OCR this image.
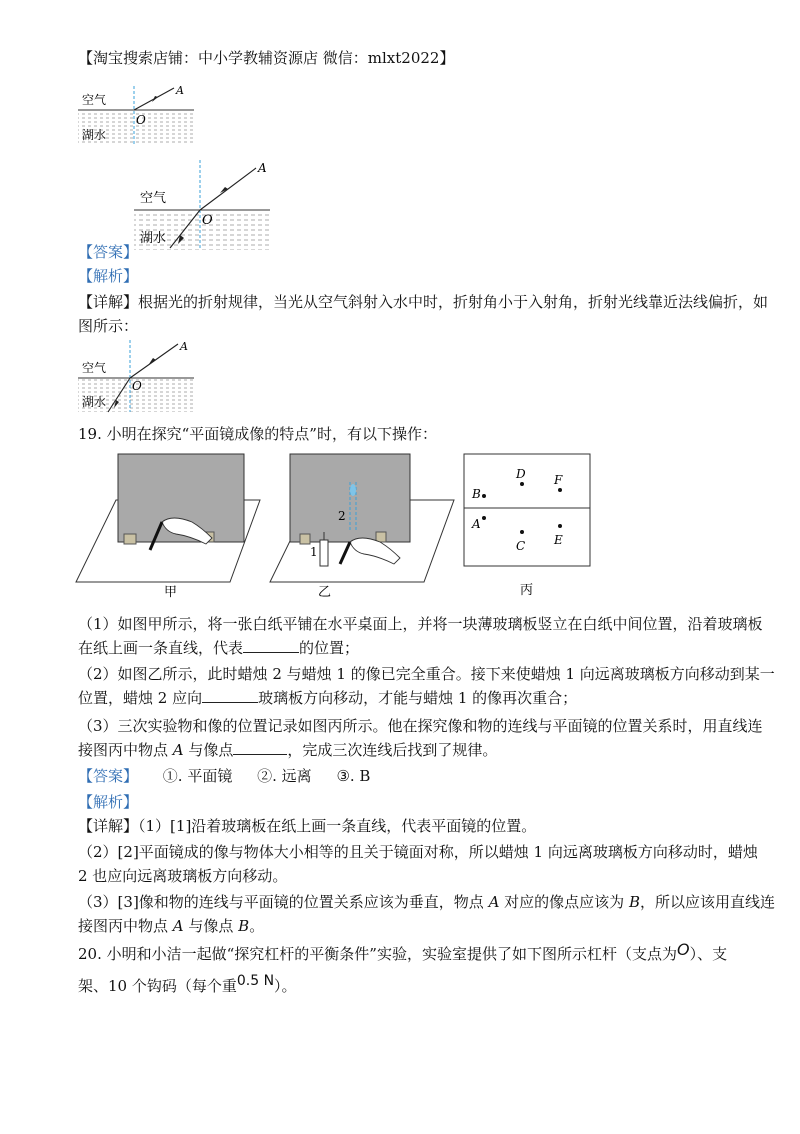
【淘宝搜索店铺：中小学教辅资源店 微信：mlxt2022】
空气
湖水
O
A
空气
湖水
O
A
【答案】
【解析】
【详解】根据光的折射规律，当光从空气斜射入水中时，折射角小于入射角，折射光线靠近法线偏折，如
图所示：
空气
湖水
O
A
19. 小明在探究“平面镜成像的特点”时，有以下操作：
甲
2
1
乙
B
A
D
C
F
E
丙
（1）如图甲所示，将一张白纸平铺在水平桌面上，并将一块薄玻璃板竖立在白纸中间位置，沿着玻璃板
在纸上画一条直线，代表	的位置；
（2）如图乙所示，此时蜡烛 2 与蜡烛 1 的像已完全重合。接下来使蜡烛 1 向远离玻璃板方向移动到某一
位置，蜡烛 2 应向	玻璃板方向移动，才能与蜡烛 1 的像再次重合；
（3）三次实验物和像的位置记录如图丙所示。他在探究像和物的连线与平面镜的位置关系时，用直线连
接图丙中物点 A 与像点	，完成三次连线后找到了规律。
【答案】 ①. 平面镜 ②. 远离 ③. B
【解析】
【详解】（1）[1]沿着玻璃板在纸上画一条直线，代表平面镜的位置。
（2）[2]平面镜成的像与物体大小相等的且关于镜面对称，所以蜡烛 1 向远离玻璃板方向移动时，蜡烛
2 也应向远离玻璃板方向移动。
（3）[3]像和物的连线与平面镜的位置关系应该为垂直，物点 A 对应的像点应该为 B，所以应该用直线连
接图丙中物点 A 与像点 B。
20. 小明和小洁一起做“探究杠杆的平衡条件”实验，实验室提供了如下图所示杠杆（支点为O）、支
架、10 个钩码（每个重0.5 N）。
